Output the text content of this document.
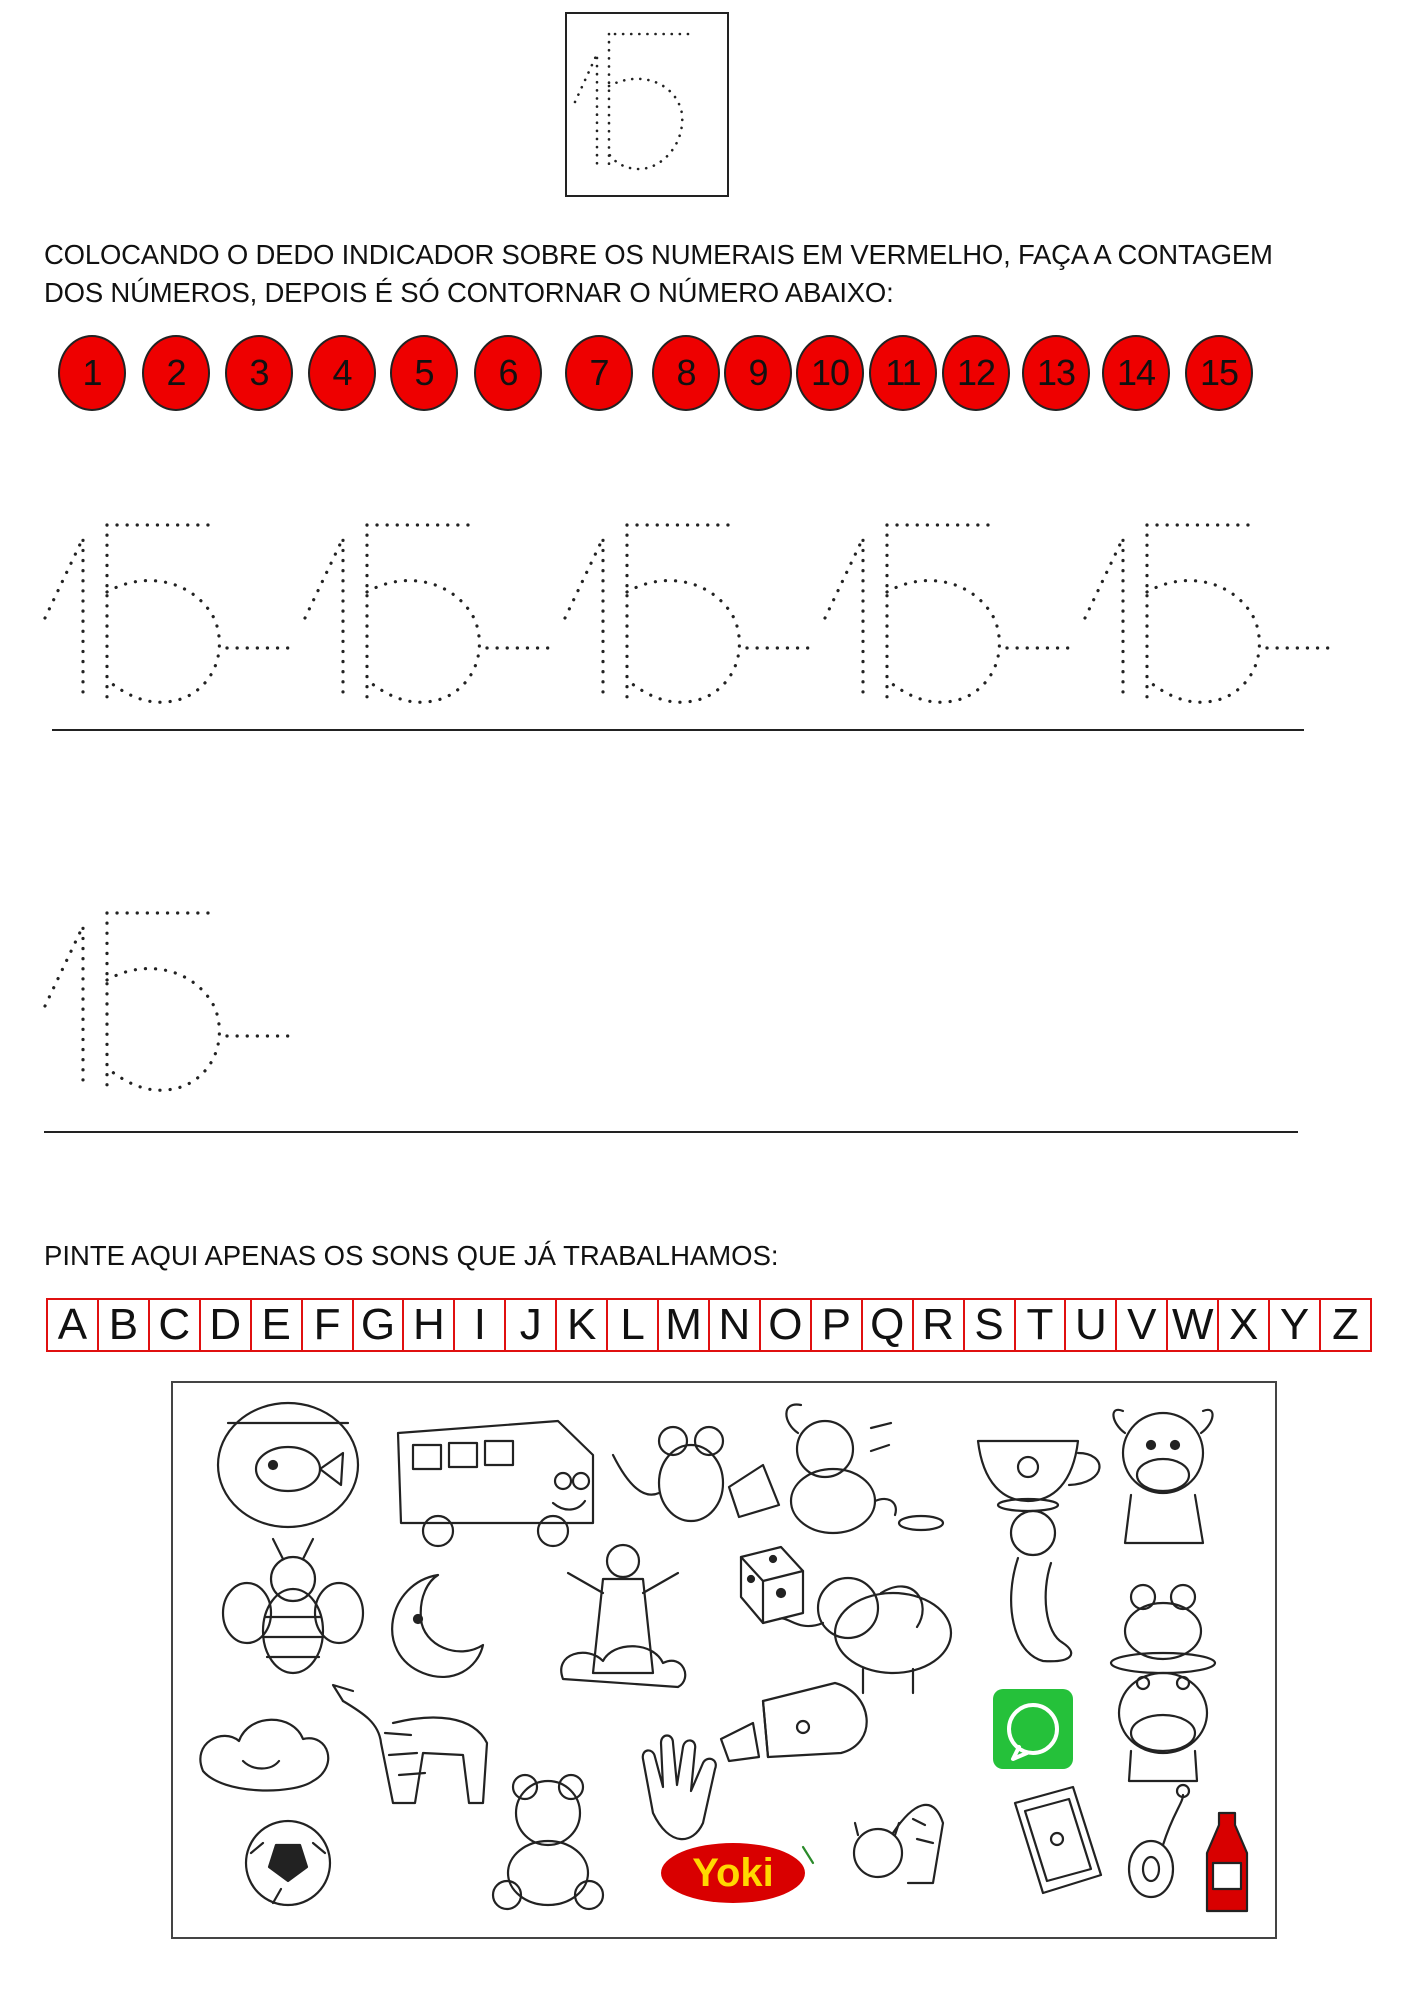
COLOCANDO O DEDO INDICADOR SOBRE OS NUMERAIS EM VERMELHO, FAÇA A CONTAGEM
DOS NÚMEROS, DEPOIS É SÓ CONTORNAR O NÚMERO ABAIXO:
1	2	3	4	5	6	7	8	9	10	11	12	13	14	15
PINTE AQUI APENAS OS SONS QUE JÁ TRABALHAMOS:
A B C D E F G H I J K L M N O P Q R S T U V W X Y Z
Yoki
